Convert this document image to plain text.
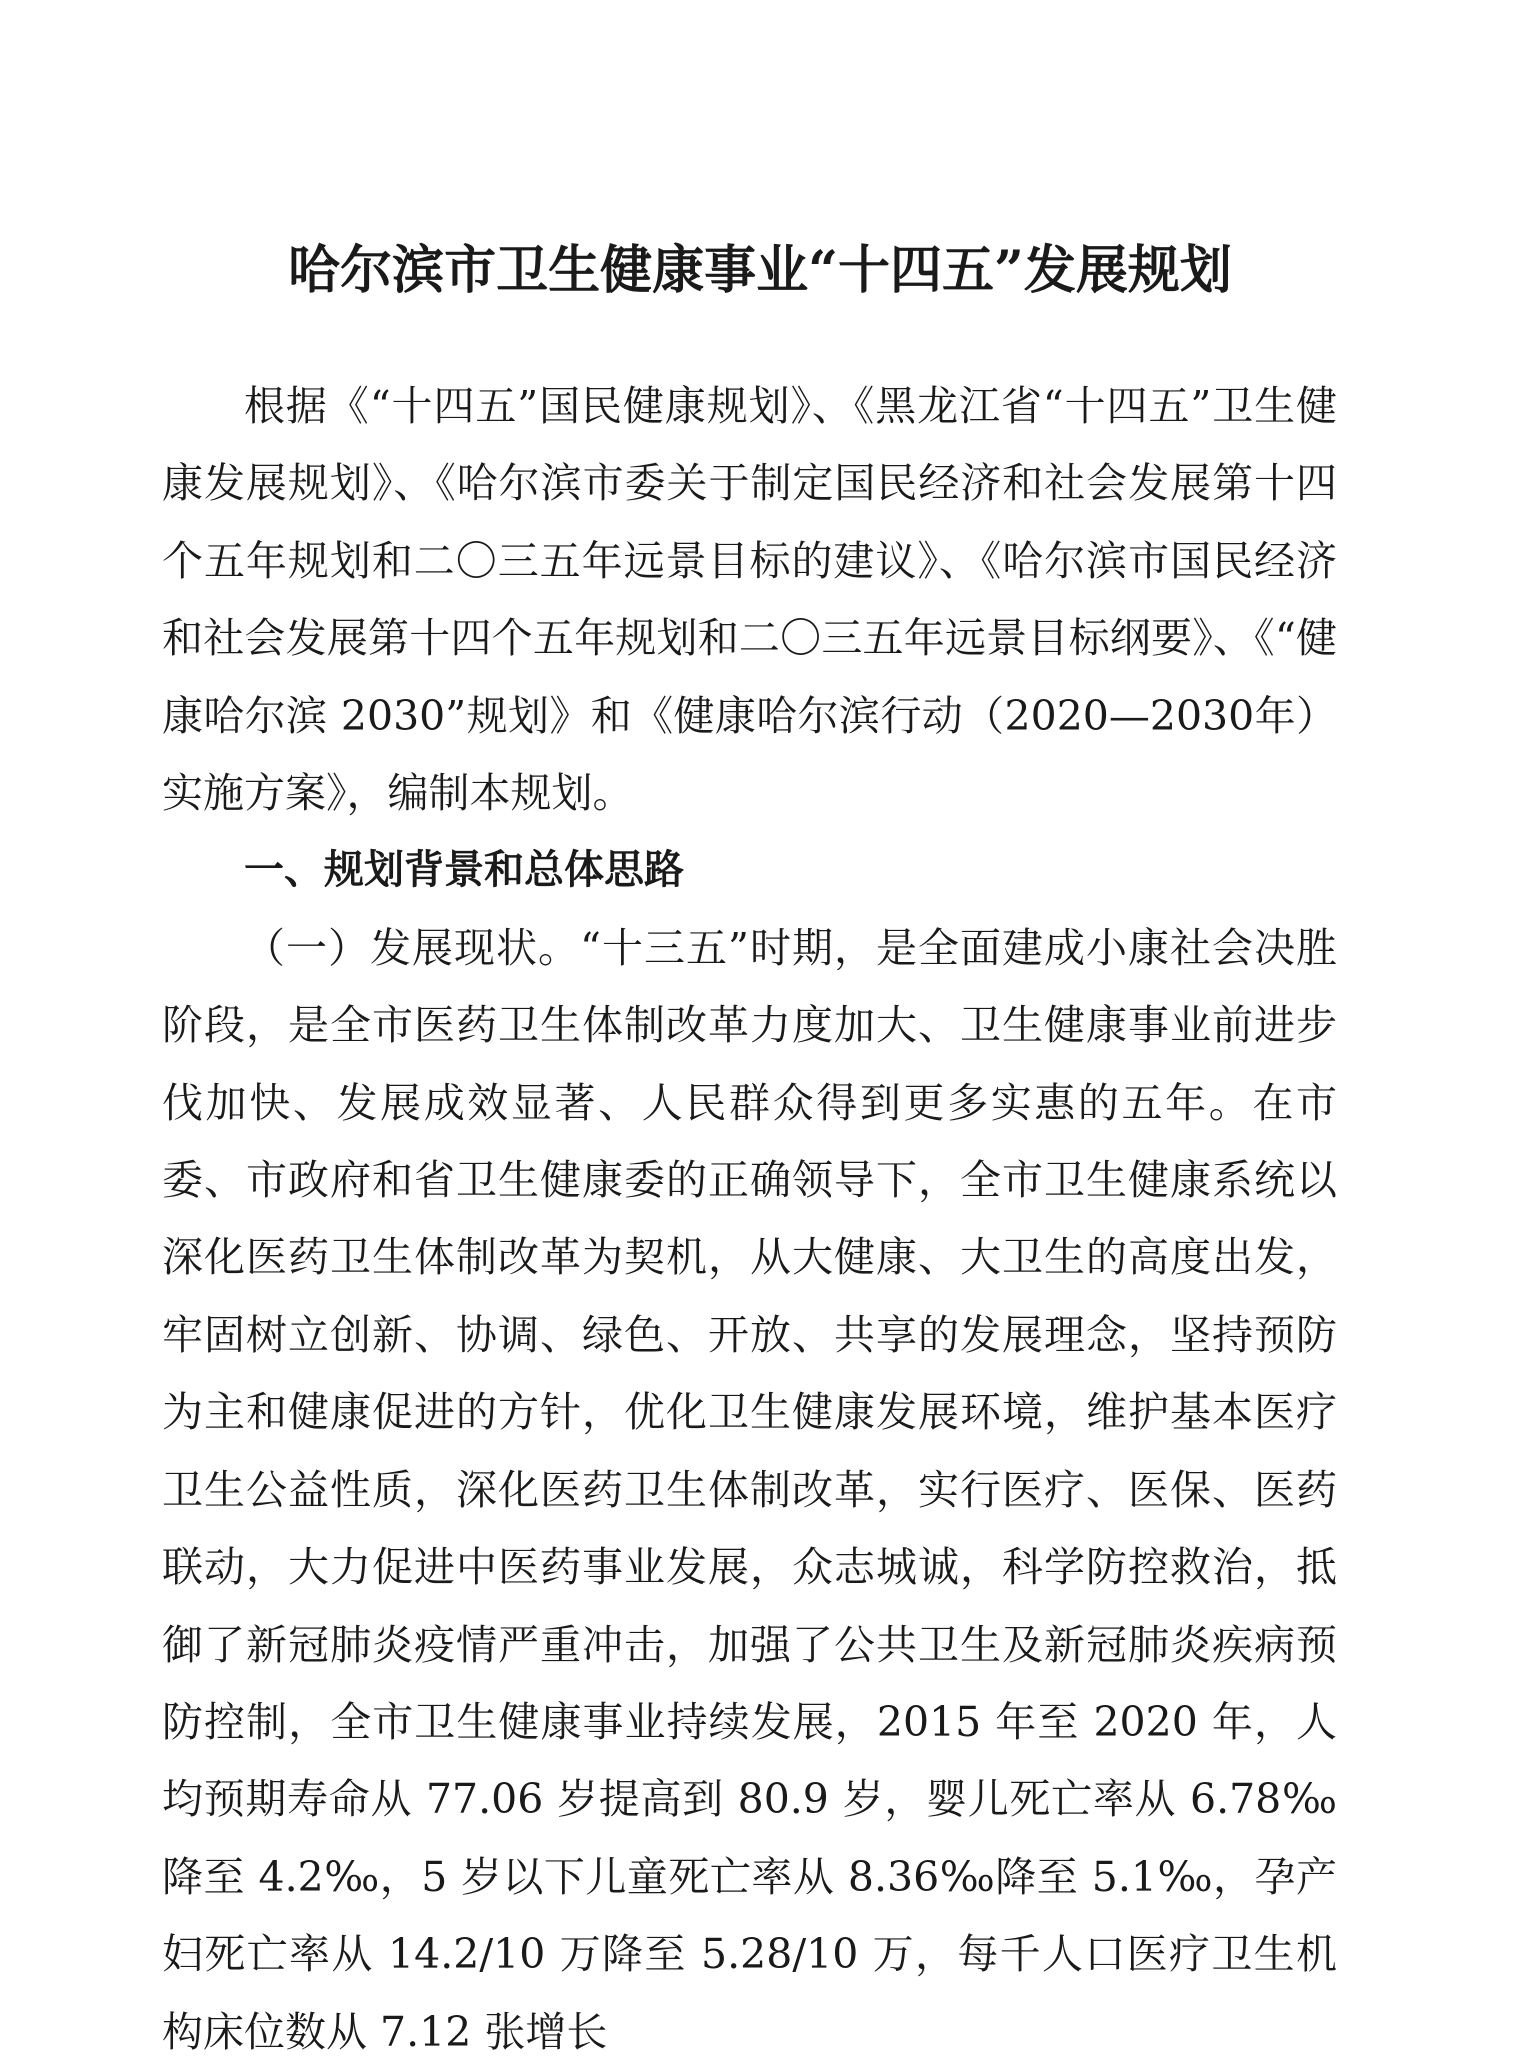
哈尔滨市卫生健康事业“十四五”发展规划

根据《“十四五”国民健康规划》、《黑龙江省“十四五”卫生健康发展规划》、《哈尔滨市委关于制定国民经济和社会发展第十四个五年规划和二〇三五年远景目标的建议》、《哈尔滨市国民经济和社会发展第十四个五年规划和二〇三五年远景目标纲要》、《“健康哈尔滨 2030”规划》和《健康哈尔滨行动（2020—2030年）实施方案》，编制本规划。

一、规划背景和总体思路

（一）发展现状。“十三五”时期，是全面建成小康社会决胜阶段，是全市医药卫生体制改革力度加大、卫生健康事业前进步伐加快、发展成效显著、人民群众得到更多实惠的五年。在市委、市政府和省卫生健康委的正确领导下，全市卫生健康系统以深化医药卫生体制改革为契机，从大健康、大卫生的高度出发，牢固树立创新、协调、绿色、开放、共享的发展理念，坚持预防为主和健康促进的方针，优化卫生健康发展环境，维护基本医疗卫生公益性质，深化医药卫生体制改革，实行医疗、医保、医药联动，大力促进中医药事业发展，众志城诚，科学防控救治，抵御了新冠肺炎疫情严重冲击，加强了公共卫生及新冠肺炎疾病预防控制，全市卫生健康事业持续发展，2015 年至 2020 年，人均预期寿命从 77.06 岁提高到 80.9 岁，婴儿死亡率从 6.78‰降至 4.2‰，5 岁以下儿童死亡率从 8.36‰降至 5.1‰，孕产妇死亡率从 14.2/10 万降至 5.28/10 万，每千人口医疗卫生机构床位数从 7.12 张增长
